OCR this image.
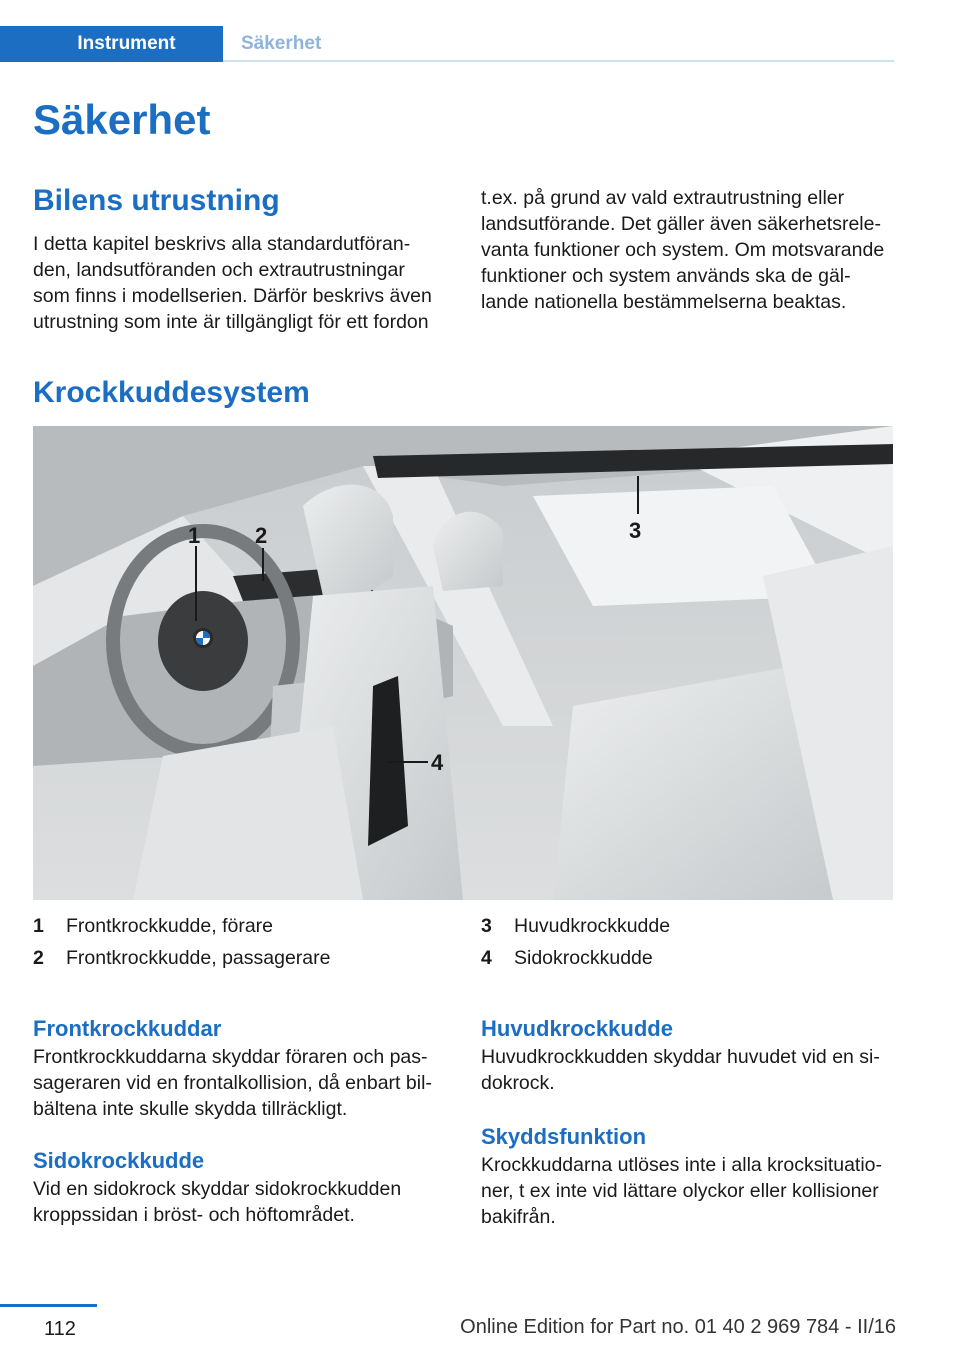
Instrument	Säkerhet
Säkerhet
Bilens utrustning

I detta kapitel beskrivs alla standardutföran-

den, landsutföranden och extrautrustningar

som finns i modellserien. Därför beskrivs även

utrustning som inte är tillgängligt för ett fordon

t.ex. på grund av vald extrautrustning eller

landsutförande. Det gäller även säkerhetsrele-

vanta funktioner och system. Om motsvarande

funktioner och system används ska de gäl-

lande nationella bestämmelserna beaktas.

Krockkuddesystem
1 2	3
4
1	Frontkrockkudde, förare
2	Frontkrockkudde, passagerare
3	Huvudkrockkudde
4	Sidokrockkudde
Frontkrockkuddar

Frontkrockkuddarna skyddar föraren och pas-

sageraren vid en frontalkollision, då enbart bil-

bältena inte skulle skydda tillräckligt.

Sidokrockkudde

Vid en sidokrock skyddar sidokrockkudden

kroppssidan i bröst- och höftområdet.

Huvudkrockkudde

Huvudkrockkudden skyddar huvudet vid en si-

dokrock.

Skyddsfunktion

Krockkuddarna utlöses inte i alla krocksituatio-

ner, t ex inte vid lättare olyckor eller kollisioner

bakifrån.

112	Online Edition for Part no. 01 40 2 969 784 - II/16
